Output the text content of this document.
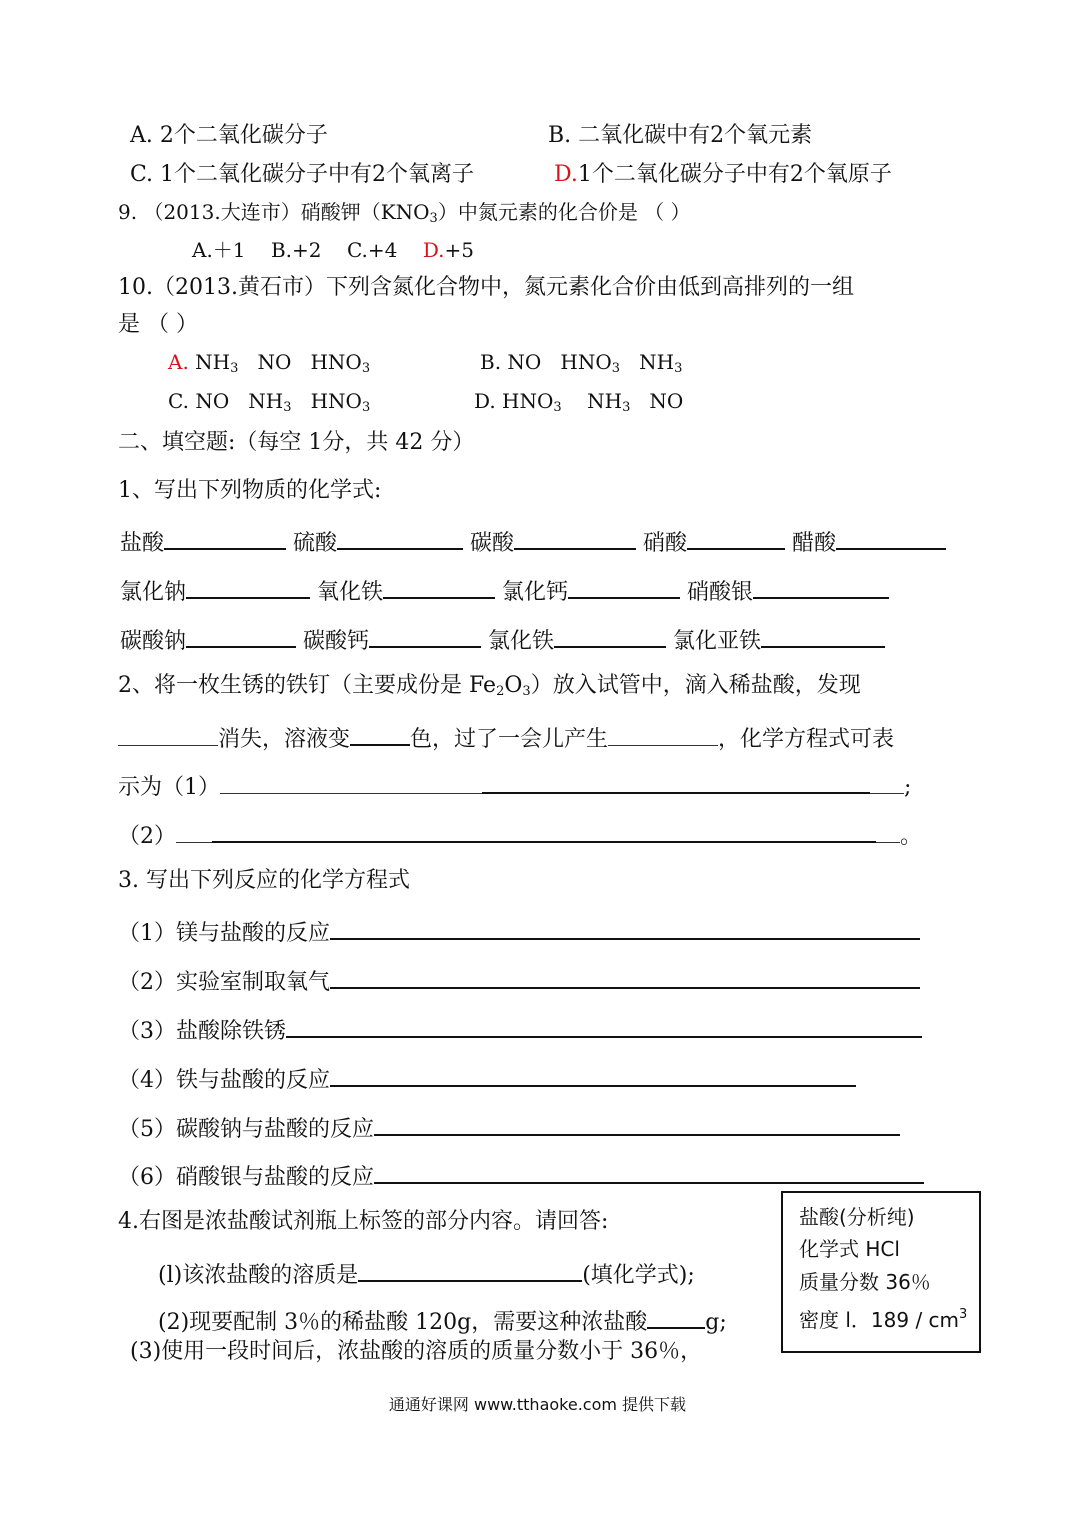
A. 2个二氧化碳分子	B. 二氧化碳中有2个氧元素
C. 1个二氧化碳分子中有2个氧离子	D.1个二氧化碳分子中有2个氧原子
9. （2013.大连市）硝酸钾$(KNO_3)$中氮元素的化合价是 （ ）
A.＋1 B.+2 C.+4 D.+5
10.（2013.黄石市）下列含氮化合物中，氮元素化合价由低到高排列的一组
是 （ ）
A. $NH_3$ NO $HNO_3$	B. NO $HNO_3$ $NH_3$
C. NO $NH_3$ $HNO_3$	D. $HNO_3$ $NH_3$ NO
二、填空题:（每空 1分，共 42 分）
1、写出下列物质的化学式:
盐酸	硫酸	碳酸	硝酸	醋酸
氯化钠	氧化铁	氯化钙	硝酸银
碳酸钠	碳酸钙	氯化铁	氯化亚铁
2、将一枚生锈的铁钉（主要成份是 $Fe_2O_3$）放入试管中，滴入稀盐酸，发现
消失，溶液变	色，过了一会儿产生	，化学方程式可表
示为（1）	;
（2）	。
3. 写出下列反应的化学方程式
（1）镁与盐酸的反应
（2）实验室制取氧气
（3）盐酸除铁锈
（4）铁与盐酸的反应
（5）碳酸钠与盐酸的反应
（6）硝酸银与盐酸的反应
4.右图是浓盐酸试剂瓶上标签的部分内容。请回答:
(l)该浓盐酸的溶质是	(填化学式);
(2)现要配制 3％的稀盐酸 120g，需要这种浓盐酸	g;
(3)使用一段时间后，浓盐酸的溶质的质量分数小于 36％，
盐酸(分析纯)
化学式 HCl
质量分数 36％
密度 l．$189 / cm^3$
通通好课网 www.tthaoke.com 提供下载
